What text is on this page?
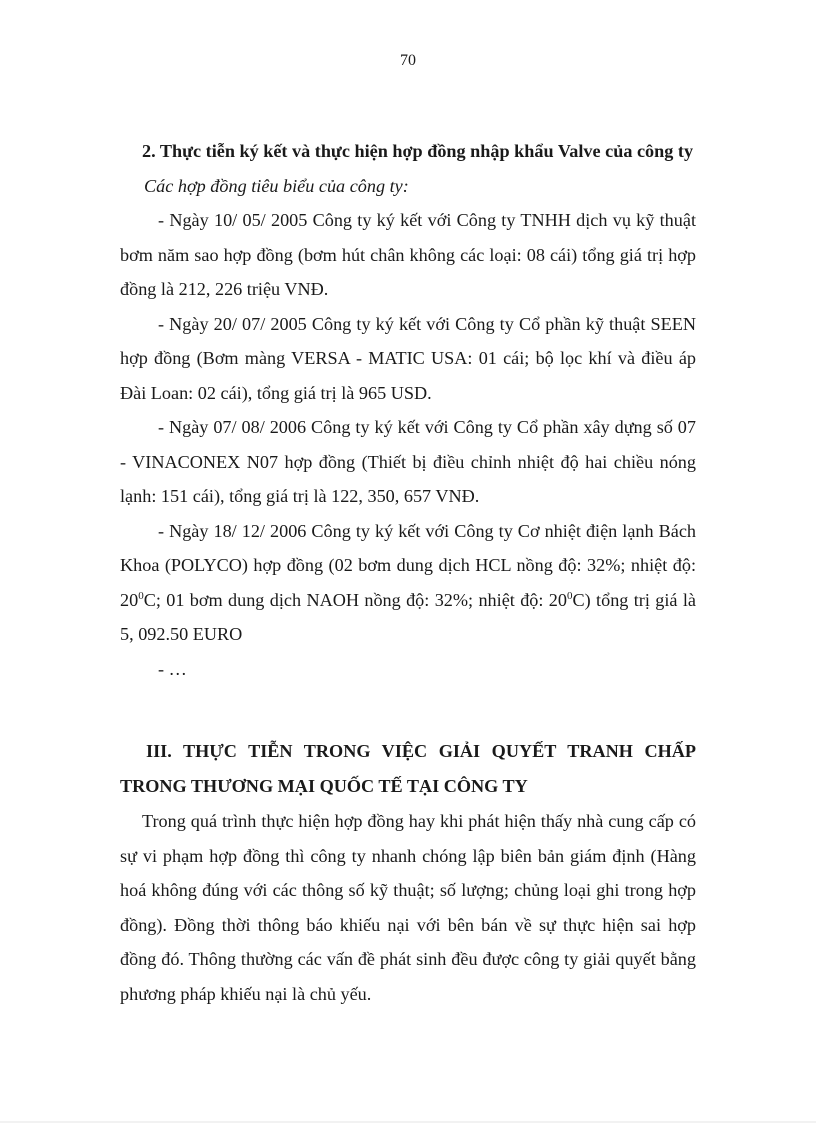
70

2. Thực tiễn ký kết và thực hiện hợp đồng nhập khẩu Valve của công ty

Các hợp đồng tiêu biểu của công ty:

- Ngày 10/ 05/ 2005 Công ty ký kết với Công ty TNHH dịch vụ kỹ thuật bơm năm sao hợp đồng (bơm hút chân không các loại: 08 cái) tổng giá trị hợp đồng là 212, 226 triệu VNĐ.

- Ngày 20/ 07/ 2005 Công ty ký kết với Công ty Cổ phần kỹ thuật SEEN hợp đồng (Bơm màng VERSA - MATIC USA: 01 cái; bộ lọc khí và điều áp Đài Loan: 02 cái), tổng giá trị là 965 USD.

- Ngày 07/ 08/ 2006 Công ty ký kết với Công ty Cổ phần xây dựng số 07 - VINACONEX N07 hợp đồng (Thiết bị điều chỉnh nhiệt độ hai chiều nóng lạnh: 151 cái), tổng giá trị là 122, 350, 657 VNĐ.

- Ngày 18/ 12/ 2006 Công ty ký kết với Công ty Cơ nhiệt điện lạnh Bách Khoa (POLYCO) hợp đồng (02 bơm dung dịch HCL nồng độ: 32%; nhiệt độ: $20^0C$; 01 bơm dung dịch NAOH nồng độ: 32%; nhiệt độ: $20^0C$) tổng trị giá là 5, 092.50 EURO

- …

III. THỰC TIỄN TRONG VIỆC GIẢI QUYẾT TRANH CHẤP TRONG THƯƠNG MẠI QUỐC TẾ TẠI CÔNG TY

Trong quá trình thực hiện hợp đồng hay khi phát hiện thấy nhà cung cấp có sự vi phạm hợp đồng thì công ty nhanh chóng lập biên bản giám định (Hàng hoá không đúng với các thông số kỹ thuật; số lượng; chủng loại ghi trong hợp đồng). Đồng thời thông báo khiếu nại với bên bán về sự thực hiện sai hợp đồng đó. Thông thường các vấn đề phát sinh đều được công ty giải quyết bằng phương pháp khiếu nại là chủ yếu.
